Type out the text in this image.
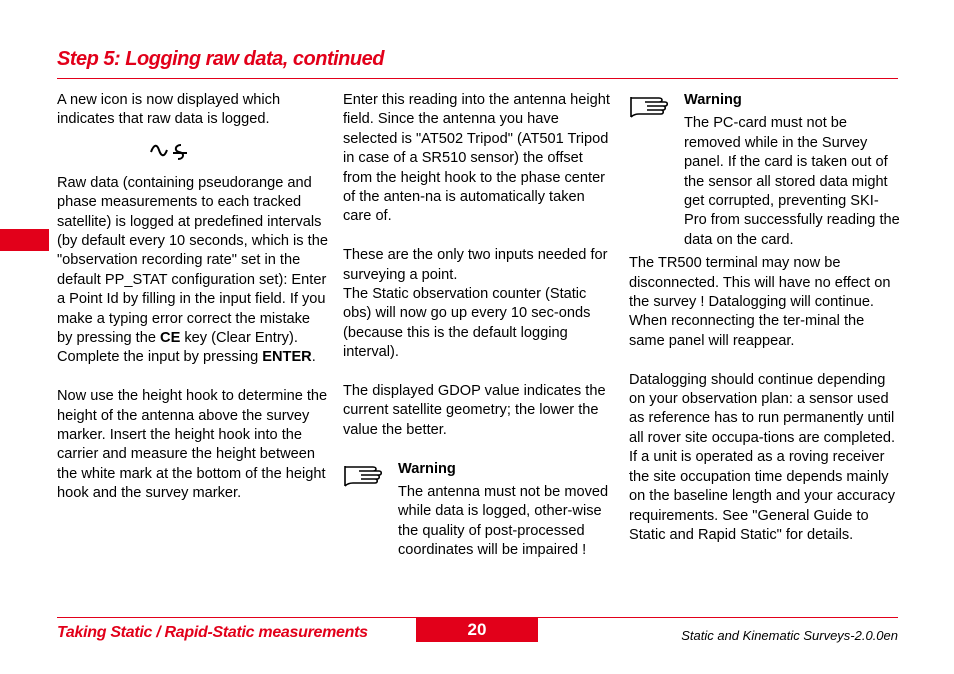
Step 5: Logging raw data, continued

A new icon is now displayed which indicates that raw data is logged.

Raw data (containing pseudorange and phase measurements to each tracked satellite) is logged at predefined intervals (by default every 10 seconds, which is the "observation recording rate" set in the default PP_STAT configuration set): Enter a Point Id by filling in the input field. If you make a typing error correct the mistake by pressing the CE key (Clear Entry). Complete the input by pressing ENTER.

Now use the height hook to determine the height of the antenna above the survey marker. Insert the height hook into the carrier and measure the height between the white mark at the bottom of the height hook and the survey marker.

Enter this reading into the antenna height field. Since the antenna you have selected is "AT502 Tripod" (AT501 Tripod in case of a SR510 sensor) the offset from the height hook to the phase center of the anten-na is automatically taken care of.

These are the only two inputs needed for surveying a point.

The Static observation counter (Static obs) will now go up every 10 sec-onds (because this is the default logging interval).

The displayed GDOP value indicates the current satellite geometry; the lower the value the better.

Warning
The antenna must not be moved while data is logged, other-wise the quality of post-processed coordinates will be impaired !
Warning
The PC-card must not be removed while in the Survey panel. If the card is taken out of the sensor all stored data might get corrupted, preventing SKI-Pro from successfully reading the data on the card.

The TR500 terminal may now be disconnected. This will have no effect on the survey ! Datalogging will continue. When reconnecting the ter-minal the same panel will reappear.

Datalogging should continue depending on your observation plan: a sensor used as reference has to run permanently until all rover site occupa-tions are completed. If a unit is operated as a roving receiver the site occupation time depends mainly on the baseline length and your accuracy requirements. See "General Guide to Static and Rapid Static" for details.

Taking Static / Rapid-Static measurements	20	Static and Kinematic Surveys-2.0.0en
